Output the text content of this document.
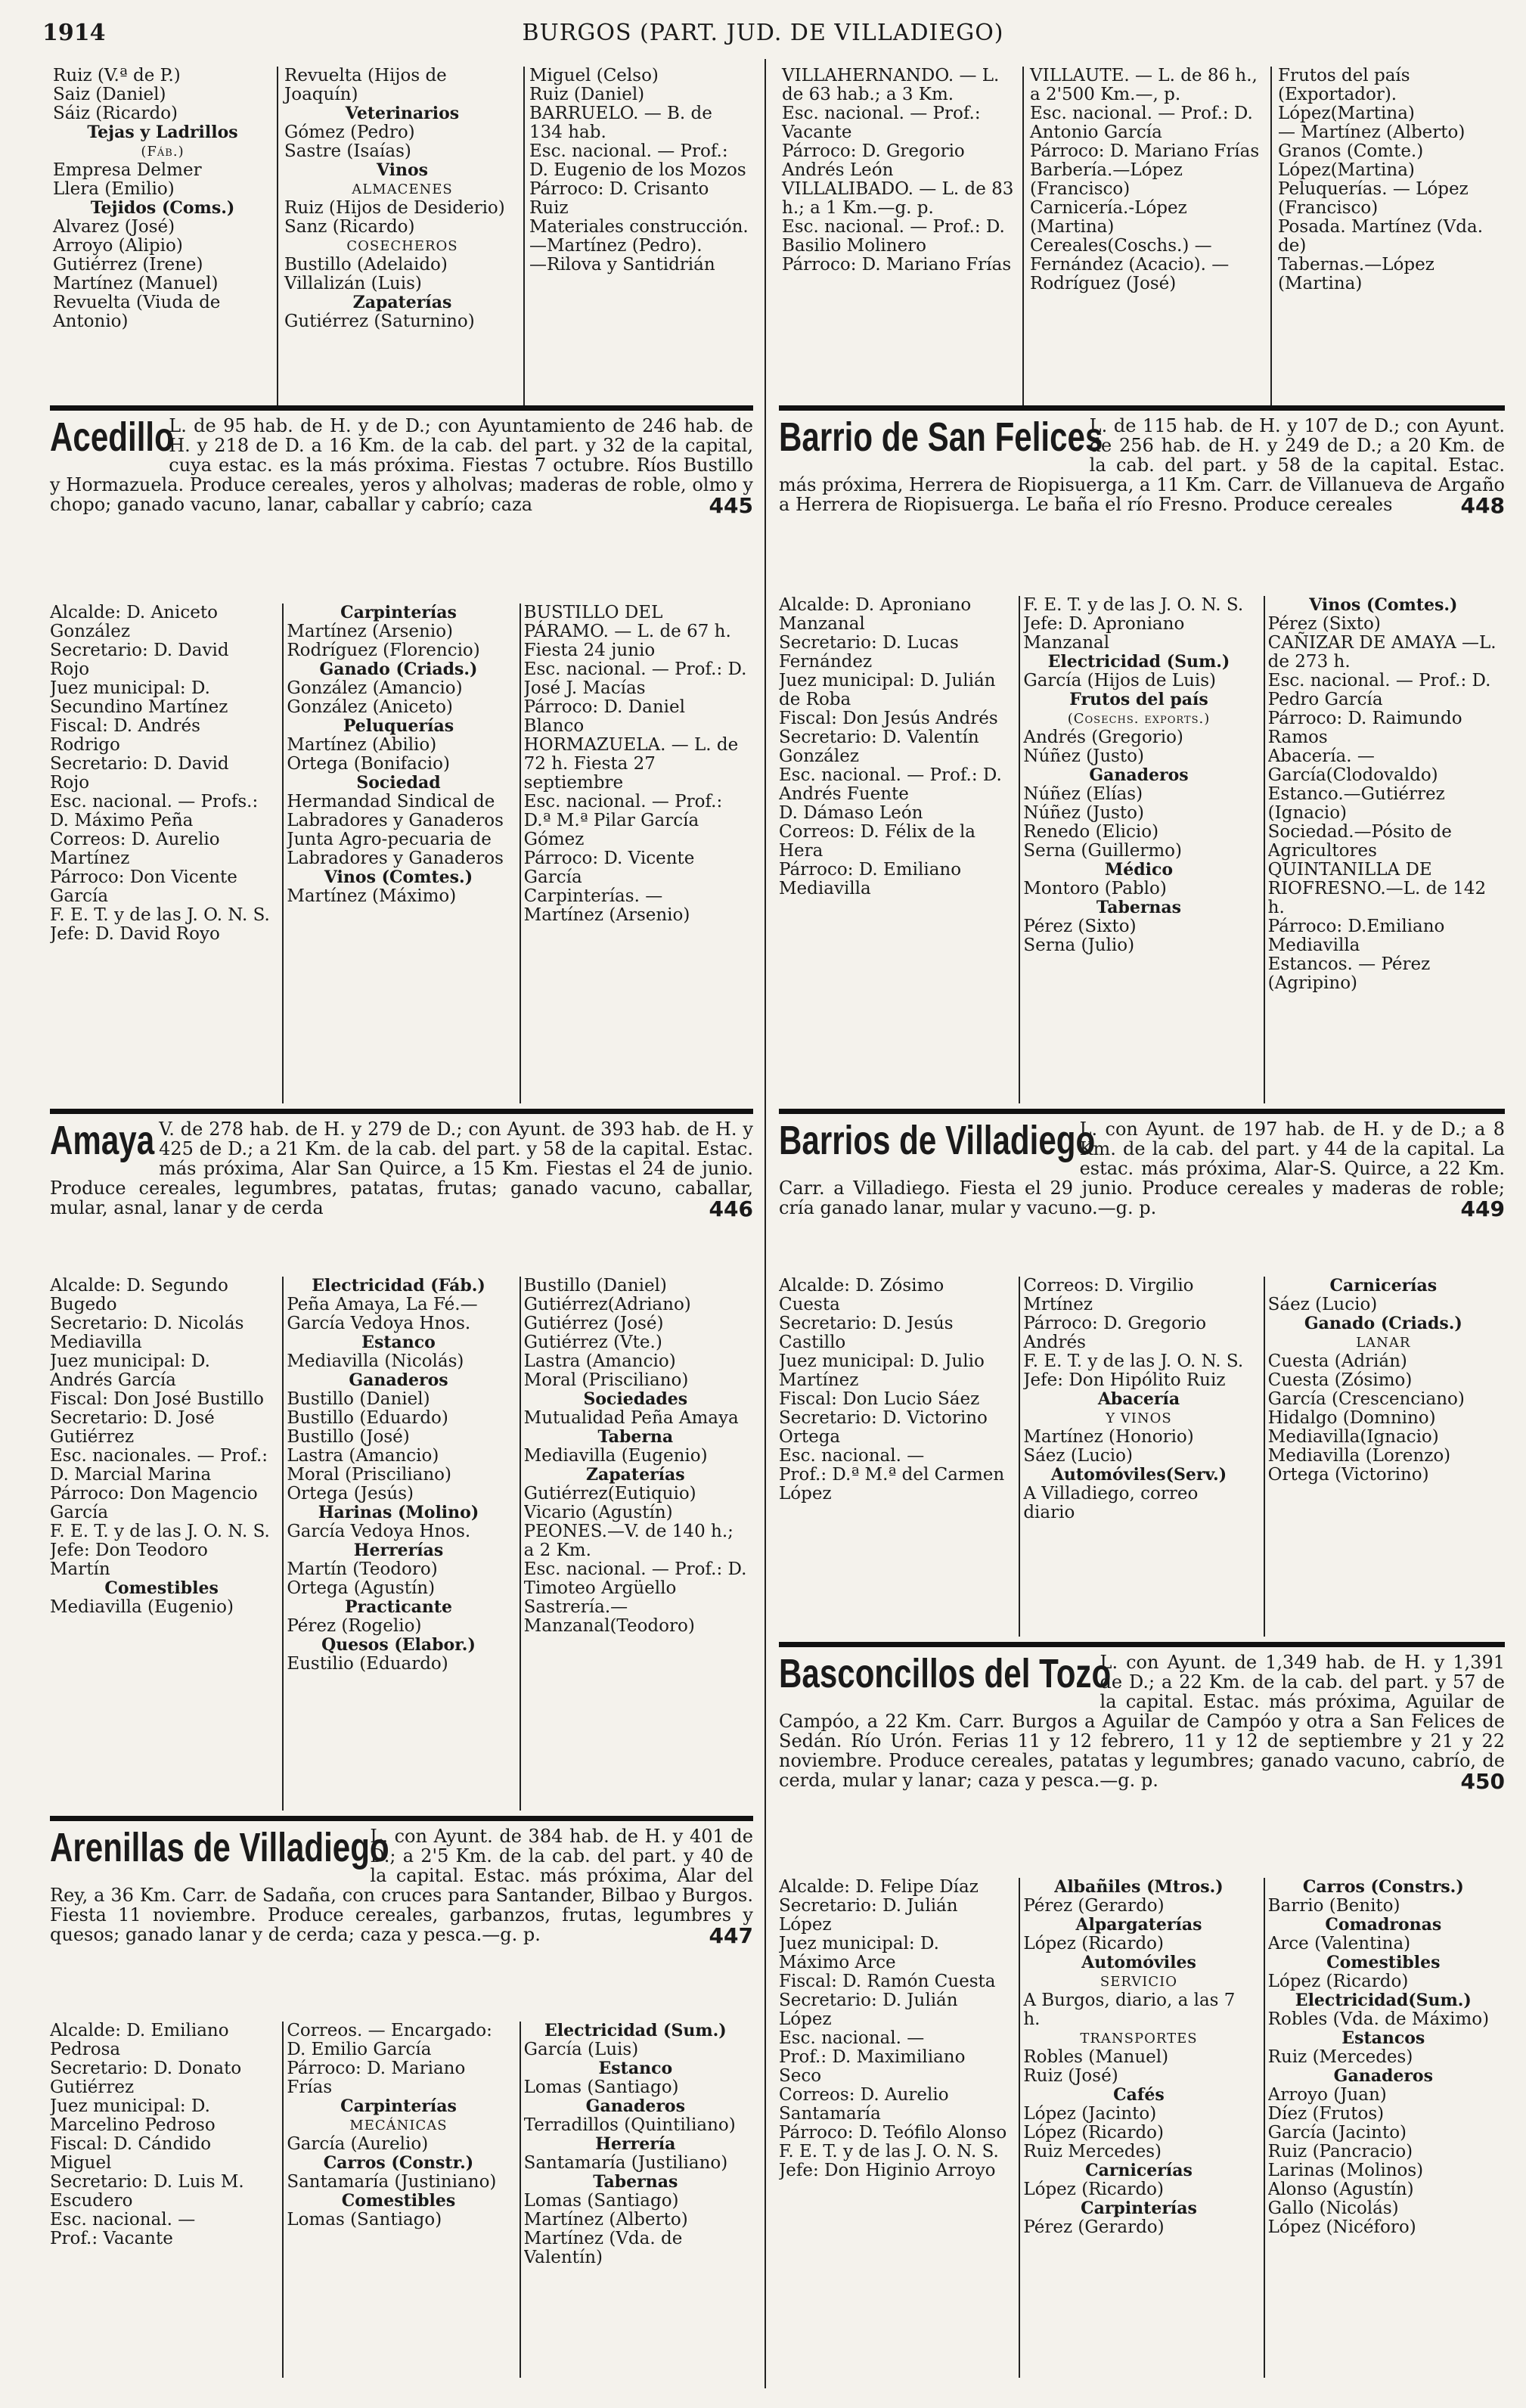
1914	BURGOS (PART. JUD. DE VILLADIEGO)

Ruiz (V.ª de P.)

Saiz (Daniel)

Sáiz (Ricardo)

Tejas y Ladrillos

(Fáb.)

Empresa Delmer

Llera (Emilio)

Tejidos (Coms.)

Alvarez (José)

Arroyo (Alipio)

Gutiérrez (Irene)

Martínez (Manuel)

Revuelta (Viuda de Antonio)

Revuelta (Hijos de Joaquín)

Veterinarios

Gómez (Pedro)

Sastre (Isaías)

Vinos

ALMACENES

Ruiz (Hijos de Desiderio)

Sanz (Ricardo)

COSECHEROS

Bustillo (Adelaido)

Villalizán (Luis)

Zapaterías

Gutiérrez (Saturnino)

Miguel (Celso)

Ruiz (Daniel)

BARRUELO. — B. de 134 hab.

Esc. nacional. — Prof.: D. Eugenio de los Mozos

Párroco: D. Crisanto Ruiz

Materiales construcción.—Martínez (Pedro).

—Rilova y Santidrián

VILLAHERNANDO. — L. de 63 hab.; a 3 Km.

Esc. nacional. — Prof.: Vacante

Párroco: D. Gregorio Andrés León

VILLALIBADO. — L. de 83 h.; a 1 Km.—g. p.

Esc. nacional. — Prof.: D. Basilio Molinero

Párroco: D. Mariano Frías

VILLAUTE. — L. de 86 h., a 2'500 Km.—, p.

Esc. nacional. — Prof.: D. Antonio García

Párroco: D. Mariano Frías

Barbería.—López (Francisco)

Carnicería.-López (Martina)

Cereales(Coschs.) — Fernández (Acacio). — Rodríguez (José)

Frutos del país (Exportador). López(Martina)

— Martínez (Alberto)

Granos (Comte.) López(Martina)

Peluquerías. — López (Francisco)

Posada. Martínez (Vda. de)

Tabernas.—López (Martina)

Acedillo
L. de 95 hab. de H. y de D.; con Ayuntamiento de 246 hab. de H. y 218 de D. a 16 Km. de la cab. del part. y 32 de la capital, cuya estac. es la más próxima. Fiestas 7 octubre. Ríos Bustillo y Hormazuela. Produce cereales, yeros y alholvas; maderas de roble, olmo y chopo; ganado vacuno, lanar, caballar y cabrío; caza	445

Alcalde: D. Aniceto González

Secretario: D. David Rojo

Juez municipal: D. Secundino Martínez

Fiscal: D. Andrés Rodrigo

Secretario: D. David Rojo

Esc. nacional. — Profs.: D. Máximo Peña

Correos: D. Aurelio Martínez

Párroco: Don Vicente García

F. E. T. y de las J. O. N. S.

Jefe: D. David Royo

Carpinterías

Martínez (Arsenio)

Rodríguez (Florencio)

Ganado (Criads.)

González (Amancio)

González (Aniceto)

Peluquerías

Martínez (Abilio)

Ortega (Bonifacio)

Sociedad

Hermandad Sindical de Labradores y Ganaderos

Junta Agro-pecuaria de Labradores y Ganaderos

Vinos (Comtes.)

Martínez (Máximo)

BUSTILLO DEL PÁRAMO. — L. de 67 h. Fiesta 24 junio

Esc. nacional. — Prof.: D. José J. Macías

Párroco: D. Daniel Blanco

HORMAZUELA. — L. de 72 h. Fiesta 27 septiembre

Esc. nacional. — Prof.: D.ª M.ª Pilar García Gómez

Párroco: D. Vicente García

Carpinterías. — Martínez (Arsenio)

Amaya V. de 278 hab. de H. y 279 de D.; con Ayunt. de 393 hab. de H. y 425 de D.; a 21 Km. de la cab. del part. y 58 de la capital. Estac. más próxima, Alar San Quirce, a 15 Km. Fiestas el 24 de junio. Produce cereales, legumbres, patatas, frutas; ganado vacuno, caballar, mular, asnal, lanar y de cerda	446

Alcalde: D. Segundo Bugedo

Secretario: D. Nicolás Mediavilla

Juez municipal: D. Andrés García

Fiscal: Don José Bustillo

Secretario: D. José Gutiérrez

Esc. nacionales. — Prof.: D. Marcial Marina

Párroco: Don Magencio García

F. E. T. y de las J. O. N. S.

Jefe: Don Teodoro Martín

Comestibles

Mediavilla (Eugenio)

Electricidad (Fáb.)

Peña Amaya, La Fé.—García Vedoya Hnos.

Estanco

Mediavilla (Nicolás)

Ganaderos

Bustillo (Daniel)

Bustillo (Eduardo)

Bustillo (José)

Lastra (Amancio)

Moral (Prisciliano)

Ortega (Jesús)

Harinas (Molino)

García Vedoya Hnos.

Herrerías

Martín (Teodoro)

Ortega (Agustín)

Practicante

Pérez (Rogelio)

Quesos (Elabor.)

Eustilio (Eduardo)

Bustillo (Daniel)

Gutiérrez(Adriano)

Gutiérrez (José)

Gutiérrez (Vte.)

Lastra (Amancio)

Moral (Prisciliano)

Sociedades

Mutualidad Peña Amaya

Taberna

Mediavilla (Eugenio)

Zapaterías

Gutiérrez(Eutiquio)

Vicario (Agustín)

PEONES.—V. de 140 h.; a 2 Km.

Esc. nacional. — Prof.: D. Timoteo Argüello

Sastrería.—Manzanal(Teodoro)

Arenillas de Villadiego
L. con Ayunt. de 384 hab. de H. y 401 de D.; a 2'5 Km. de la cab. del part. y 40 de la capital. Estac. más próxima, Alar del Rey, a 36 Km. Carr. de Sadaña, con cruces para Santander, Bilbao y Burgos. Fiesta 11 noviembre. Produce cereales, garbanzos, frutas, legumbres y quesos; ganado lanar y de cerda; caza y pesca.—g. p.	447

Alcalde: D. Emiliano Pedrosa

Secretario: D. Donato Gutiérrez

Juez municipal: D. Marcelino Pedroso

Fiscal: D. Cándido Miguel

Secretario: D. Luis M. Escudero

Esc. nacional. —

Prof.: Vacante

Correos. — Encargado: D. Emilio García

Párroco: D. Mariano Frías

Carpinterías

MECÁNICAS

García (Aurelio)

Carros (Constr.)

Santamaría (Justiniano)

Comestibles

Lomas (Santiago)

Electricidad (Sum.)

García (Luis)

Estanco

Lomas (Santiago)

Ganaderos

Terradillos (Quintiliano)

Herrería

Santamaría (Justiliano)

Tabernas

Lomas (Santiago)

Martínez (Alberto)

Martínez (Vda. de Valentín)

Barrio de San Felices
L. de 115 hab. de H. y 107 de D.; con Ayunt. de 256 hab. de H. y 249 de D.; a 20 Km. de la cab. del part. y 58 de la capital. Estac. más próxima, Herrera de Riopisuerga, a 11 Km. Carr. de Villanueva de Argaño a Herrera de Riopisuerga. Le baña el río Fresno. Produce cereales	448

Alcalde: D. Aproniano Manzanal

Secretario: D. Lucas Fernández

Juez municipal: D. Julián de Roba

Fiscal: Don Jesús Andrés

Secretario: D. Valentín González

Esc. nacional. — Prof.: D. Andrés Fuente

D. Dámaso León

Correos: D. Félix de la Hera

Párroco: D. Emiliano Mediavilla

F. E. T. y de las J. O. N. S.

Jefe: D. Aproniano Manzanal

Electricidad (Sum.)

García (Hijos de Luis)

Frutos del país

(Cosechs. exports.)

Andrés (Gregorio)

Núñez (Justo)

Ganaderos

Núñez (Elías)

Núñez (Justo)

Renedo (Elicio)

Serna (Guillermo)

Médico

Montoro (Pablo)

Tabernas

Pérez (Sixto)

Serna (Julio)

Vinos (Comtes.)

Pérez (Sixto)

CAÑIZAR DE AMAYA —L. de 273 h.

Esc. nacional. — Prof.: D. Pedro García

Párroco: D. Raimundo Ramos

Abacería. — García(Clodovaldo)

Estanco.—Gutiérrez (Ignacio)

Sociedad.—Pósito de Agricultores

QUINTANILLA DE RIOFRESNO.—L. de 142 h.

Párroco: D.Emiliano Mediavilla

Estancos. — Pérez (Agripino)

Barrios de Villadiego
L. con Ayunt. de 197 hab. de H. y de D.; a 8 Km. de la cab. del part. y 44 de la capital. La estac. más próxima, Alar-S. Quirce, a 22 Km. Carr. a Villadiego. Fiesta el 29 junio. Produce cereales y maderas de roble; cría ganado lanar, mular y vacuno.—g. p.	449

Alcalde: D. Zósimo Cuesta

Secretario: D. Jesús Castillo

Juez municipal: D. Julio Martínez

Fiscal: Don Lucio Sáez

Secretario: D. Victorino Ortega

Esc. nacional. —

Prof.: D.ª M.ª del Carmen López

Correos: D. Virgilio Mrtínez

Párroco: D. Gregorio Andrés

F. E. T. y de las J. O. N. S.

Jefe: Don Hipólito Ruiz

Abacería

Y VINOS

Martínez (Honorio)

Sáez (Lucio)

Automóviles(Serv.)

A Villadiego, correo diario

Carnicerías

Sáez (Lucio)

Ganado (Criads.)

LANAR

Cuesta (Adrián)

Cuesta (Zósimo)

García (Crescenciano)

Hidalgo (Domnino)

Mediavilla(Ignacio)

Mediavilla (Lorenzo)

Ortega (Victorino)

Basconcillos del Tozo
L. con Ayunt. de 1,349 hab. de H. y 1,391 de D.; a 22 Km. de la cab. del part. y 57 de la capital. Estac. más próxima, Aguilar de Campóo, a 22 Km. Carr. Burgos a Aguilar de Campóo y otra a San Felices de Sedán. Río Urón. Ferias 11 y 12 febrero, 11 y 12 de septiembre y 21 y 22 noviembre. Produce cereales, patatas y legumbres; ganado vacuno, cabrío, de cerda, mular y lanar; caza y pesca.—g. p.	450

Alcalde: D. Felipe Díaz

Secretario: D. Julián López

Juez municipal: D. Máximo Arce

Fiscal: D. Ramón Cuesta

Secretario: D. Julián López

Esc. nacional. —

Prof.: D. Maximiliano Seco

Correos: D. Aurelio Santamaría

Párroco: D. Teófilo Alonso

F. E. T. y de las J. O. N. S.

Jefe: Don Higinio Arroyo

Albañiles (Mtros.)

Pérez (Gerardo)

Alpargaterías

López (Ricardo)

Automóviles

SERVICIO

A Burgos, diario, a las 7 h.

TRANSPORTES

Robles (Manuel)

Ruiz (José)

Cafés

López (Jacinto)

López (Ricardo)

Ruiz Mercedes)

Carnicerías

López (Ricardo)

Carpinterías

Pérez (Gerardo)

Carros (Constrs.)

Barrio (Benito)

Comadronas

Arce (Valentina)

Comestibles

López (Ricardo)

Electricidad(Sum.)

Robles (Vda. de Máximo)

Estancos

Ruiz (Mercedes)

Ganaderos

Arroyo (Juan)

Díez (Frutos)

García (Jacinto)

Ruiz (Pancracio)

Larinas (Molinos)

Alonso (Agustín)

Gallo (Nicolás)

López (Nicéforo)
